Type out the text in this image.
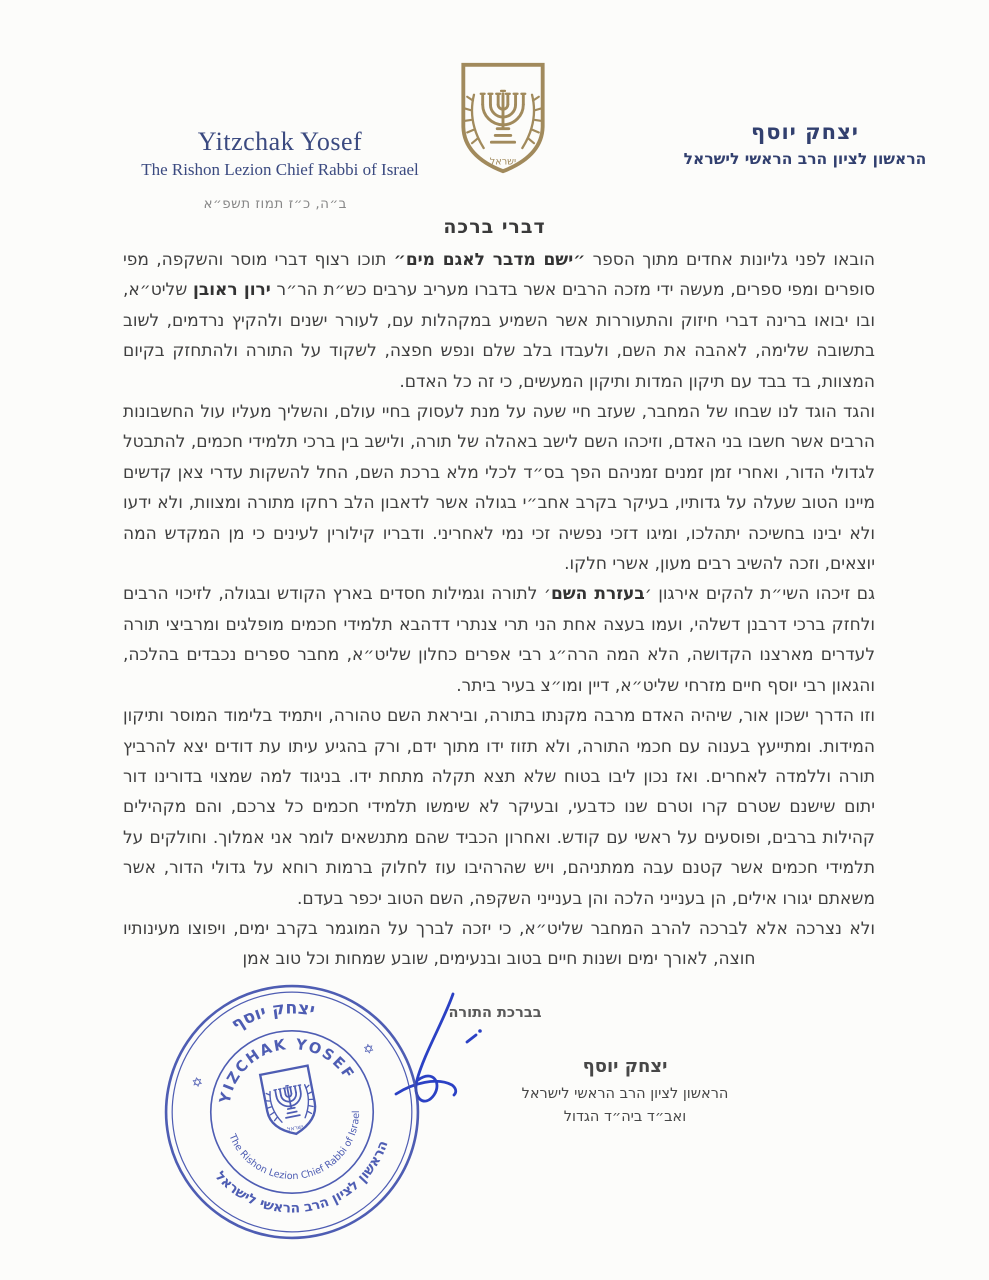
Yitzchak Yosef
The Rishon Lezion Chief Rabbi of Israel
יצחק יוסף
הראשון לציון הרב הראשי לישראל
ב״ה, כ״ז תמוז תשפ״א
דברי ברכה

הובאו לפני גליונות אחדים מתוך הספר ״ישם מדבר לאגם מים״ תוכו רצוף דברי מוסר והשקפה, מפי סופרים ומפי ספרים, מעשה ידי מזכה הרבים אשר בדברו מעריב ערבים כש״ת הר״ר ירון ראובן שליט״א, ובו יבואו ברינה דברי חיזוק והתעוררות אשר השמיע במקהלות עם, לעורר ישנים ולהקיץ נרדמים, לשוב בתשובה שלימה, לאהבה את השם, ולעבדו בלב שלם ונפש חפצה, לשקוד על התורה ולהתחזק בקיום המצוות, בד בבד עם תיקון המדות ותיקון המעשים, כי זה כל האדם.

והגד הוגד לנו שבחו של המחבר, שעזב חיי שעה על מנת לעסוק בחיי עולם, והשליך מעליו עול החשבונות הרבים אשר חשבו בני האדם, וזיכהו השם לישב באהלה של תורה, ולישב בין ברכי תלמידי חכמים, להתבטל לגדולי הדור, ואחרי זמן זמנים זמניהם הפך בס״ד לכלי מלא ברכת השם, החל להשקות עדרי צאן קדשים מיינו הטוב שעלה על גדותיו, בעיקר בקרב אחב״י בגולה אשר לדאבון הלב רחקו מתורה ומצוות, ולא ידעו ולא יבינו בחשיכה יתהלכו, ומיגו דזכי נפשיה זכי נמי לאחריני. ודבריו קילורין לעינים כי מן המקדש המה יוצאים, וזכה להשיב רבים מעון, אשרי חלקו.

גם זיכהו השי״ת להקים אירגון ׳בעזרת השם׳ לתורה וגמילות חסדים בארץ הקודש ובגולה, לזיכוי הרבים ולחזק ברכי דרבנן דשלהי, ועמו בעצה אחת הני תרי צנתרי דדהבא תלמידי חכמים מופלגים ומרביצי תורה לעדרים מארצנו הקדושה, הלא המה הרה״ג רבי אפרים כחלון שליט״א, מחבר ספרים נכבדים בהלכה, והגאון רבי יוסף חיים מזרחי שליט״א, דיין ומו״צ בעיר ביתר.

וזו הדרך ישכון אור, שיהיה האדם מרבה מקנתו בתורה, וביראת השם טהורה, ויתמיד בלימוד המוסר ותיקון המידות. ומתייעץ בענוה עם חכמי התורה, ולא תזוז ידו מתוך ידם, ורק בהגיע עיתו עת דודים יצא להרביץ תורה וללמדה לאחרים. ואז נכון ליבו בטוח שלא תצא תקלה מתחת ידו. בניגוד למה שמצוי בדורינו דור יתום שישנם שטרם קרו וטרם שנו כדבעי, ובעיקר לא שימשו תלמידי חכמים כל צרכם, והם מקהילים קהילות ברבים, ופוסעים על ראשי עם קודש. ואחרון הכביד שהם מתנשאים לומר אני אמלוך. וחולקים על תלמידי חכמים אשר קטנם עבה ממתניהם, ויש שהרהיבו עוז לחלוק ברמות רוחא על גדולי הדור, אשר משאתם יגורו אילים, הן בענייני הלכה והן בענייני השקפה, השם הטוב יכפר בעדם.

ולא נצרכה אלא לברכה להרב המחבר שליט״א, כי יזכה לברך על המוגמר בקרב ימים, ויפוצו מעינותיו חוצה, לאורך ימים ושנות חיים בטוב ובנעימים, שובע שמחות וכל טוב אמן

בברכת התורה
יצחק יוסף
הראשון לציון הרב הראשי לישראל
ואב״ד ביה״ד הגדול
יצחק יוסף
הראשון לציון הרב הראשי לישראל
YIZCHAK YOSEF
The Rishon Lezion Chief Rabbi of Israel
✡
✡
